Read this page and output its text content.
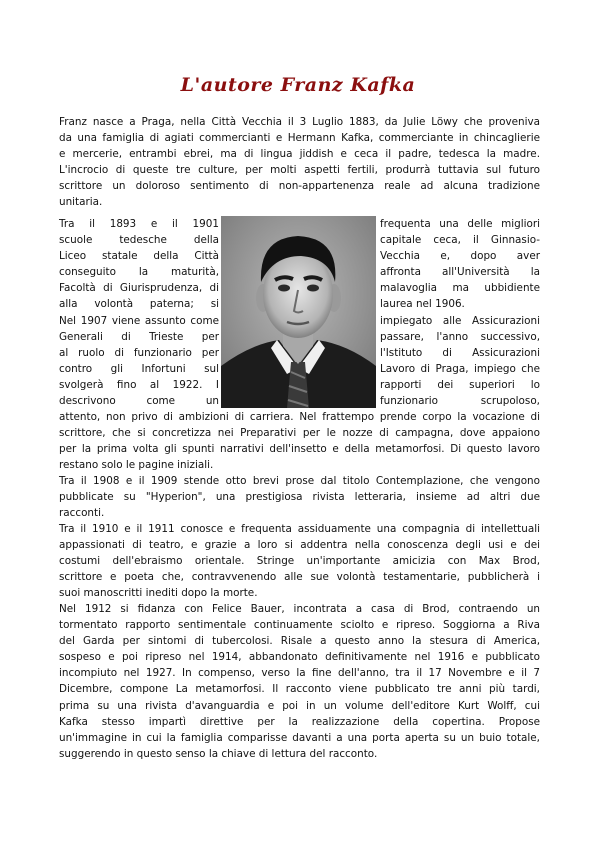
L'autore Franz Kafka
Franz nasce a Praga, nella Città Vecchia il 3 Luglio 1883, da Julie Löwy che proveniva
da una famiglia di agiati commercianti e Hermann Kafka, commerciante in chincaglierie
e mercerie, entrambi ebrei, ma di lingua jiddish e ceca il padre, tedesca la madre.
L'incrocio di queste tre culture, per molti aspetti fertili, produrrà tuttavia sul futuro
scrittore un doloroso sentimento di non-appartenenza reale ad alcuna tradizione
unitaria.
Tra il 1893 e il 1901
scuole tedesche della
Liceo statale della Città
conseguito la maturità,
Facoltà di Giurisprudenza, di
alla volontà paterna; si
Nel 1907 viene assunto come
Generali di Trieste per
al ruolo di funzionario per
contro gli Infortuni sul
svolgerà fino al 1922. I
descrivono come un
frequenta una delle migliori
capitale ceca, il Ginnasio-
Vecchia e, dopo aver
affronta all'Università la
malavoglia ma ubbidiente
laurea nel 1906.
impiegato alle Assicurazioni
passare, l'anno successivo,
l'Istituto di Assicurazioni
Lavoro di Praga, impiego che
rapporti dei superiori lo
funzionario scrupoloso,
attento, non privo di ambizioni di carriera. Nel frattempo prende corpo la vocazione di
scrittore, che si concretizza nei Preparativi per le nozze di campagna, dove appaiono
per la prima volta gli spunti narrativi dell'insetto e della metamorfosi. Di questo lavoro
restano solo le pagine iniziali.
Tra il 1908 e il 1909 stende otto brevi prose dal titolo Contemplazione, che vengono
pubblicate su "Hyperion", una prestigiosa rivista letteraria, insieme ad altri due
racconti.
Tra il 1910 e il 1911 conosce e frequenta assiduamente una compagnia di intellettuali
appassionati di teatro, e grazie a loro si addentra nella conoscenza degli usi e dei
costumi dell'ebraismo orientale. Stringe un'importante amicizia con Max Brod,
scrittore e poeta che, contravvenendo alle sue volontà testamentarie, pubblicherà i
suoi manoscritti inediti dopo la morte.
Nel 1912 si fidanza con Felice Bauer, incontrata a casa di Brod, contraendo un
tormentato rapporto sentimentale continuamente sciolto e ripreso. Soggiorna a Riva
del Garda per sintomi di tubercolosi. Risale a questo anno la stesura di America,
sospeso e poi ripreso nel 1914, abbandonato definitivamente nel 1916 e pubblicato
incompiuto nel 1927. In compenso, verso la fine dell'anno, tra il 17 Novembre e il 7
Dicembre, compone La metamorfosi. Il racconto viene pubblicato tre anni più tardi,
prima su una rivista d'avanguardia e poi in un volume dell'editore Kurt Wolff, cui
Kafka stesso impartì direttive per la realizzazione della copertina. Propose
un'immagine in cui la famiglia comparisse davanti a una porta aperta su un buio totale,
suggerendo in questo senso la chiave di lettura del racconto.
